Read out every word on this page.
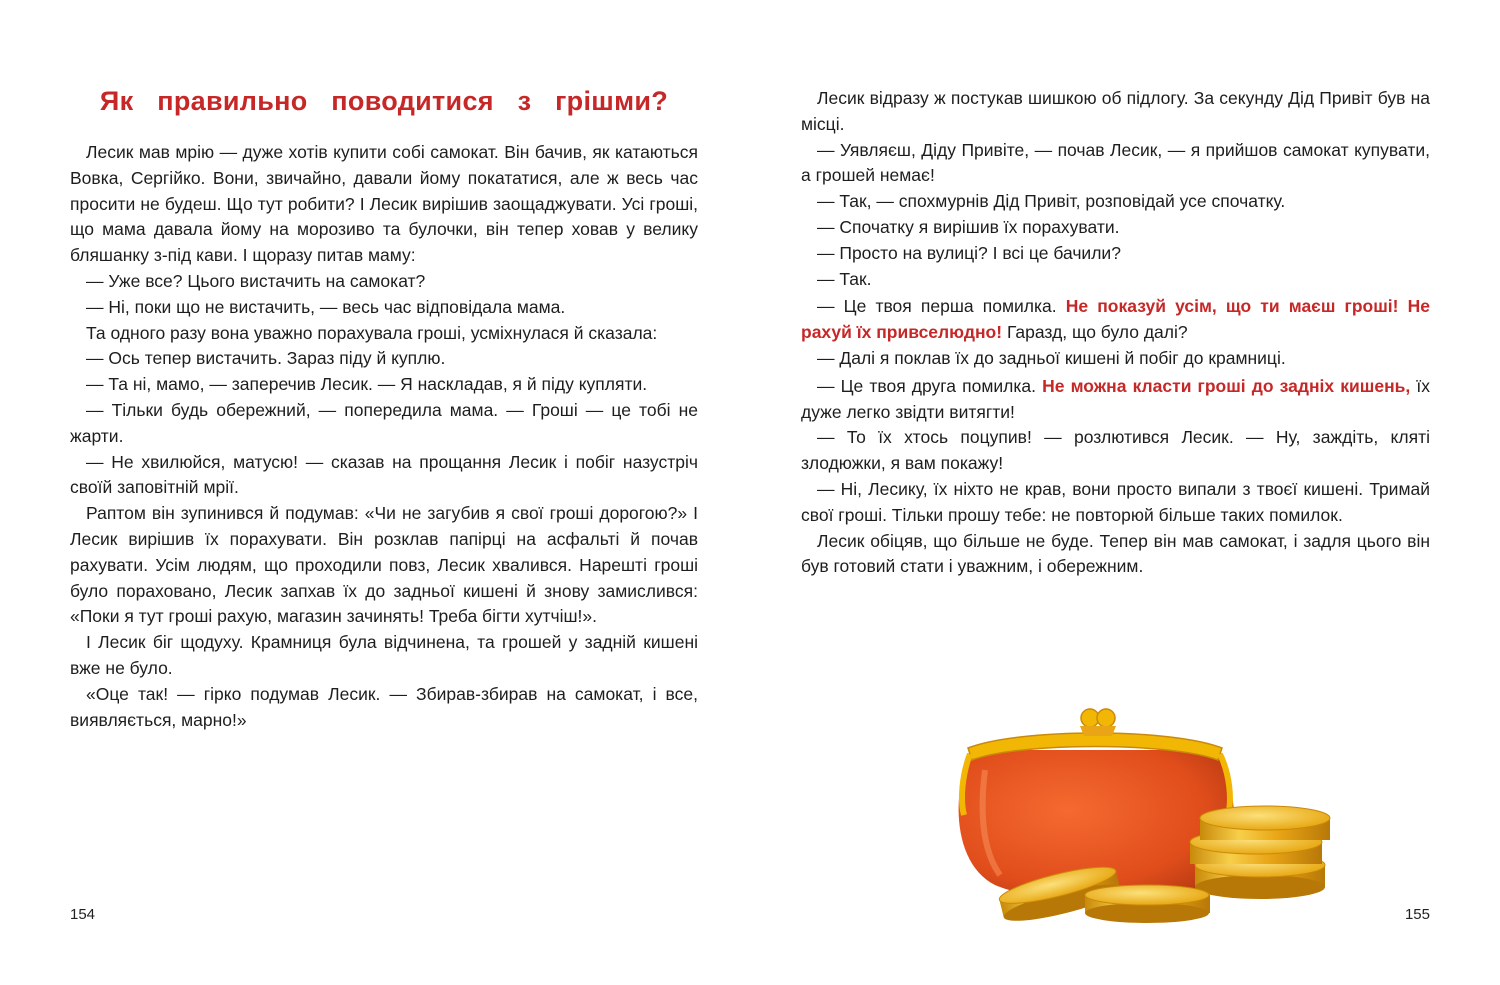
Як правильно поводитися з грішми?

Лесик мав мрію — дуже хотів купити собі самокат. Він бачив, як катаються Вовка, Сергійко. Вони, звичайно, давали йому покататися, але ж весь час просити не будеш. Що тут робити? І Лесик вирішив заощаджувати. Усі гроші, що мама давала йому на морозиво та булочки, він тепер ховав у велику бляшанку з-під кави. І щоразу питав маму:

— Уже все? Цього вистачить на самокат?

— Ні, поки що не вистачить, — весь час відповідала мама.

Та одного разу вона уважно порахувала гроші, усміхнулася й сказала:

— Ось тепер вистачить. Зараз піду й куплю.

— Та ні, мамо, — заперечив Лесик. — Я наскладав, я й піду купляти.

— Тільки будь обережний, — попередила мама. — Гроші — це тобі не жарти.

— Не хвилюйся, матусю! — сказав на прощання Лесик і побіг назустріч своїй заповітній мрії.

Раптом він зупинився й подумав: «Чи не загубив я свої гроші дорогою?» І Лесик вирішив їх порахувати. Він розклав папірці на асфальті й почав рахувати. Усім людям, що проходили повз, Лесик хвалився. Нарешті гроші було пораховано, Лесик запхав їх до задньої кишені й знову замислився: «Поки я тут гроші рахую, магазин зачинять! Треба бігти хутчіш!».

І Лесик біг щодуху. Крамниця була відчинена, та грошей у задній кишені вже не було.

«Оце так! — гірко подумав Лесик. — Збирав-збирав на самокат, і все, виявляється, марно!»

154

Лесик відразу ж постукав шишкою об підлогу. За секунду Дід Привіт був на місці.

— Уявляєш, Діду Привіте, — почав Лесик, — я прийшов самокат купувати, а грошей немає!

— Так, — спохмурнів Дід Привіт, розповідай усе спочатку.

— Спочатку я вирішив їх порахувати.

— Просто на вулиці? І всі це бачили?

— Так.

— Це твоя перша помилка. Не показуй усім, що ти маєш гроші! Не рахуй їх привселюдно! Гаразд, що було далі?

— Далі я поклав їх до задньої кишені й побіг до крамниці.

— Це твоя друга помилка. Не можна класти гроші до задніх кишень, їх дуже легко звідти витягти!

— То їх хтось поцупив! — розлютився Лесик. — Ну, заждіть, кляті злодюжки, я вам покажу!

— Ні, Лесику, їх ніхто не крав, вони просто випали з твоєї кишені. Тримай свої гроші. Тільки прошу тебе: не повторюй більше таких помилок.

Лесик обіцяв, що більше не буде. Тепер він мав самокат, і задля цього він був готовий стати і уважним, і обережним.

155
